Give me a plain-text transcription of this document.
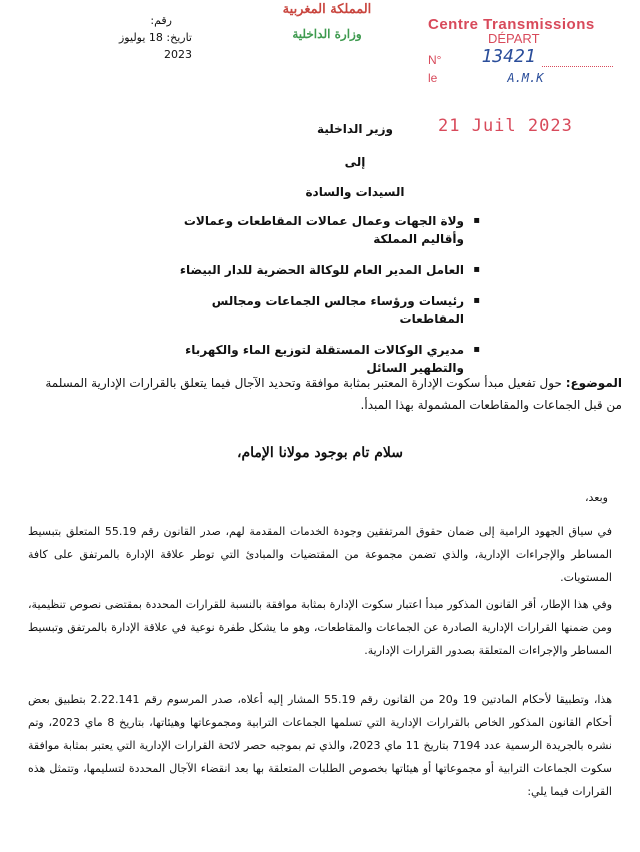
رقم:
تاريخ: 18 يوليوز 2023
المملكة المغربية
وزارة الداخلية
Centre Transmissions
DÉPART
N° 13421
le	A.M.K
21 Juil 2023
وزير الداخلية
إلى
السيدات والسادة
▪ ولاة الجهات وعمال عمالات المقاطعات وعمالات وأقاليم المملكة
▪ العامل المدير العام للوكالة الحضرية للدار البيضاء
▪ رئيسات ورؤساء مجالس الجماعات ومجالس المقاطعات
▪ مديري الوكالات المستقلة لتوزيع الماء والكهرباء والتطهير السائل
الموضوع: حول تفعيل مبدأ سكوت الإدارة المعتبر بمثابة موافقة وتحديد الآجال فيما يتعلق بالقرارات الإدارية المسلمة من قبل الجماعات والمقاطعات المشمولة بهذا المبدأ.
سلام تام بوجود مولانا الإمام،
وبعد،
في سياق الجهود الرامية إلى ضمان حقوق المرتفقين وجودة الخدمات المقدمة لهم، صدر القانون رقم 55.19 المتعلق بتبسيط المساطر والإجراءات الإدارية، والذي تضمن مجموعة من المقتضيات والمبادئ التي توطر علاقة الإدارة بالمرتفق على كافة المستويات.
وفي هذا الإطار، أقر القانون المذكور مبدأ اعتبار سكوت الإدارة بمثابة موافقة بالنسبة للقرارات المحددة بمقتضى نصوص تنظيمية، ومن ضمنها القرارات الإدارية الصادرة عن الجماعات والمقاطعات، وهو ما يشكل طفرة نوعية في علاقة الإدارة بالمرتفق وتبسيط المساطر والإجراءات المتعلقة بصدور القرارات الإدارية.
هذا، وتطبيقا لأحكام المادتين 19 و20 من القانون رقم 55.19 المشار إليه أعلاه، صدر المرسوم رقم 2.22.141 بتطبيق بعض أحكام القانون المذكور الخاص بالقرارات الإدارية التي تسلمها الجماعات الترابية ومجموعاتها وهيئاتها، بتاريخ 8 ماي 2023، وتم نشره بالجريدة الرسمية عدد 7194 بتاريخ 11 ماي 2023، والذي تم بموجبه حصر لائحة القرارات الإدارية التي يعتبر بمثابة موافقة سكوت الجماعات الترابية أو مجموعاتها أو هيئاتها بخصوص الطلبات المتعلقة بها بعد انقضاء الآجال المحددة لتسليمها، وتتمثل هذه القرارات فيما يلي:
